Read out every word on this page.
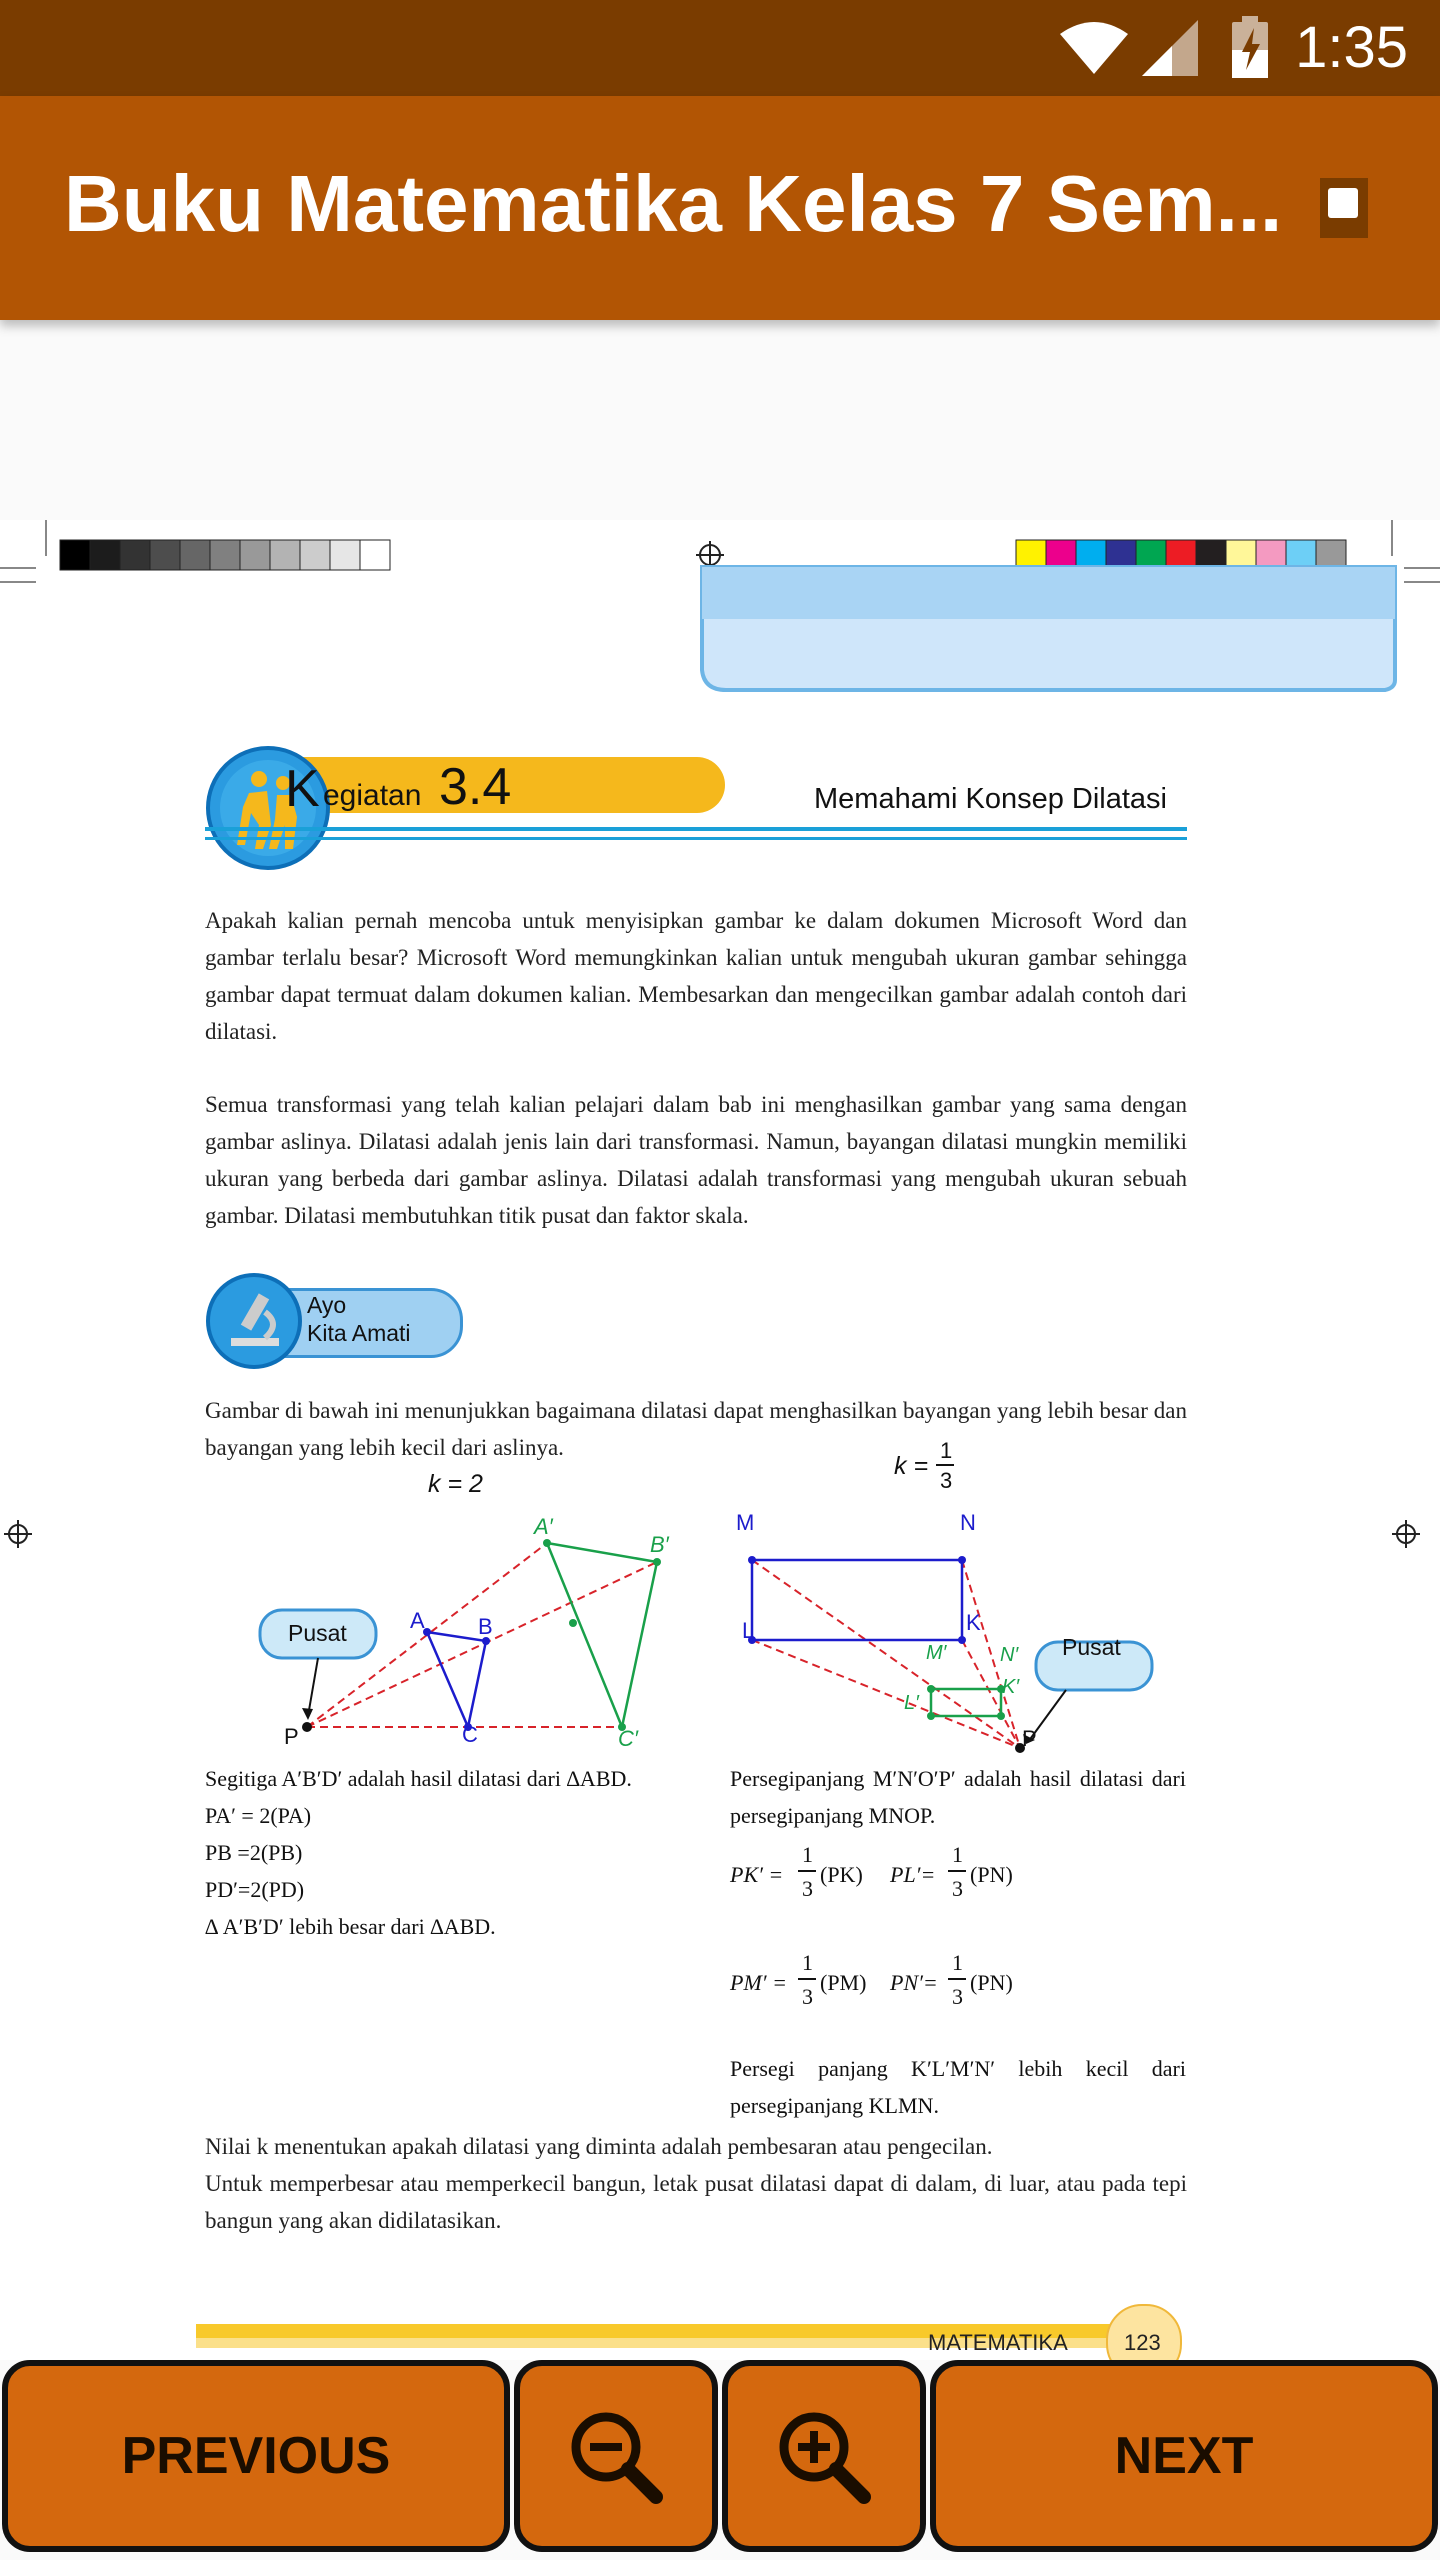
1:35
Buku Matematika Kelas 7 Sem...
K egiatan 3.4	Memahami Konsep Dilatasi
Apakah kalian pernah mencoba untuk menyisipkan gambar ke dalam dokumen Microsoft Word dan gambar terlalu besar? Microsoft Word memungkinkan kalian untuk mengubah ukuran gambar sehingga gambar dapat termuat dalam dokumen kalian. Membesarkan dan mengecilkan gambar adalah contoh dari dilatasi.
Semua transformasi yang telah kalian pelajari dalam bab ini menghasilkan gambar yang sama dengan gambar aslinya. Dilatasi adalah jenis lain dari transformasi. Namun, bayangan dilatasi mungkin memiliki ukuran yang berbeda dari gambar aslinya. Dilatasi adalah transformasi yang mengubah ukuran sebuah gambar. Dilatasi membutuhkan titik pusat dan faktor skala.
Ayo
Kita Amati
Gambar di bawah ini menunjukkan bagaimana dilatasi dapat menghasilkan bayangan yang lebih besar dan bayangan yang lebih kecil dari aslinya.
k = 2
Pusat
P
A B
C
A′
B′
C′
k =
1
3
M	N
L	K
P
Pusat
M′	N′
L′
K′
Segitiga A′B′D′ adalah hasil dilatasi dari ∆ABD.
PA′ = 2(PA)
PB =2(PB)
PD′=2(PD)
∆ A′B′D′ lebih besar dari ∆ABD.
Persegipanjang M′N′O′P′ adalah hasil dilatasi dari persegipanjang MNOP.
PK′ =
1
3
(PK) PL′=
1
3
(PN)
PM′ =
1
3
(PM) PN′=
1
3
(PN)
Persegi panjang K′L′M′N′ lebih kecil dari persegipanjang KLMN.
Nilai k menentukan apakah dilatasi yang diminta adalah pembesaran atau pengecilan.
Untuk memperbesar atau memperkecil bangun, letak pusat dilatasi dapat di dalam, di luar, atau pada tepi bangun yang akan didilatasikan.
MATEMATIKA	123
PREVIOUS	NEXT
